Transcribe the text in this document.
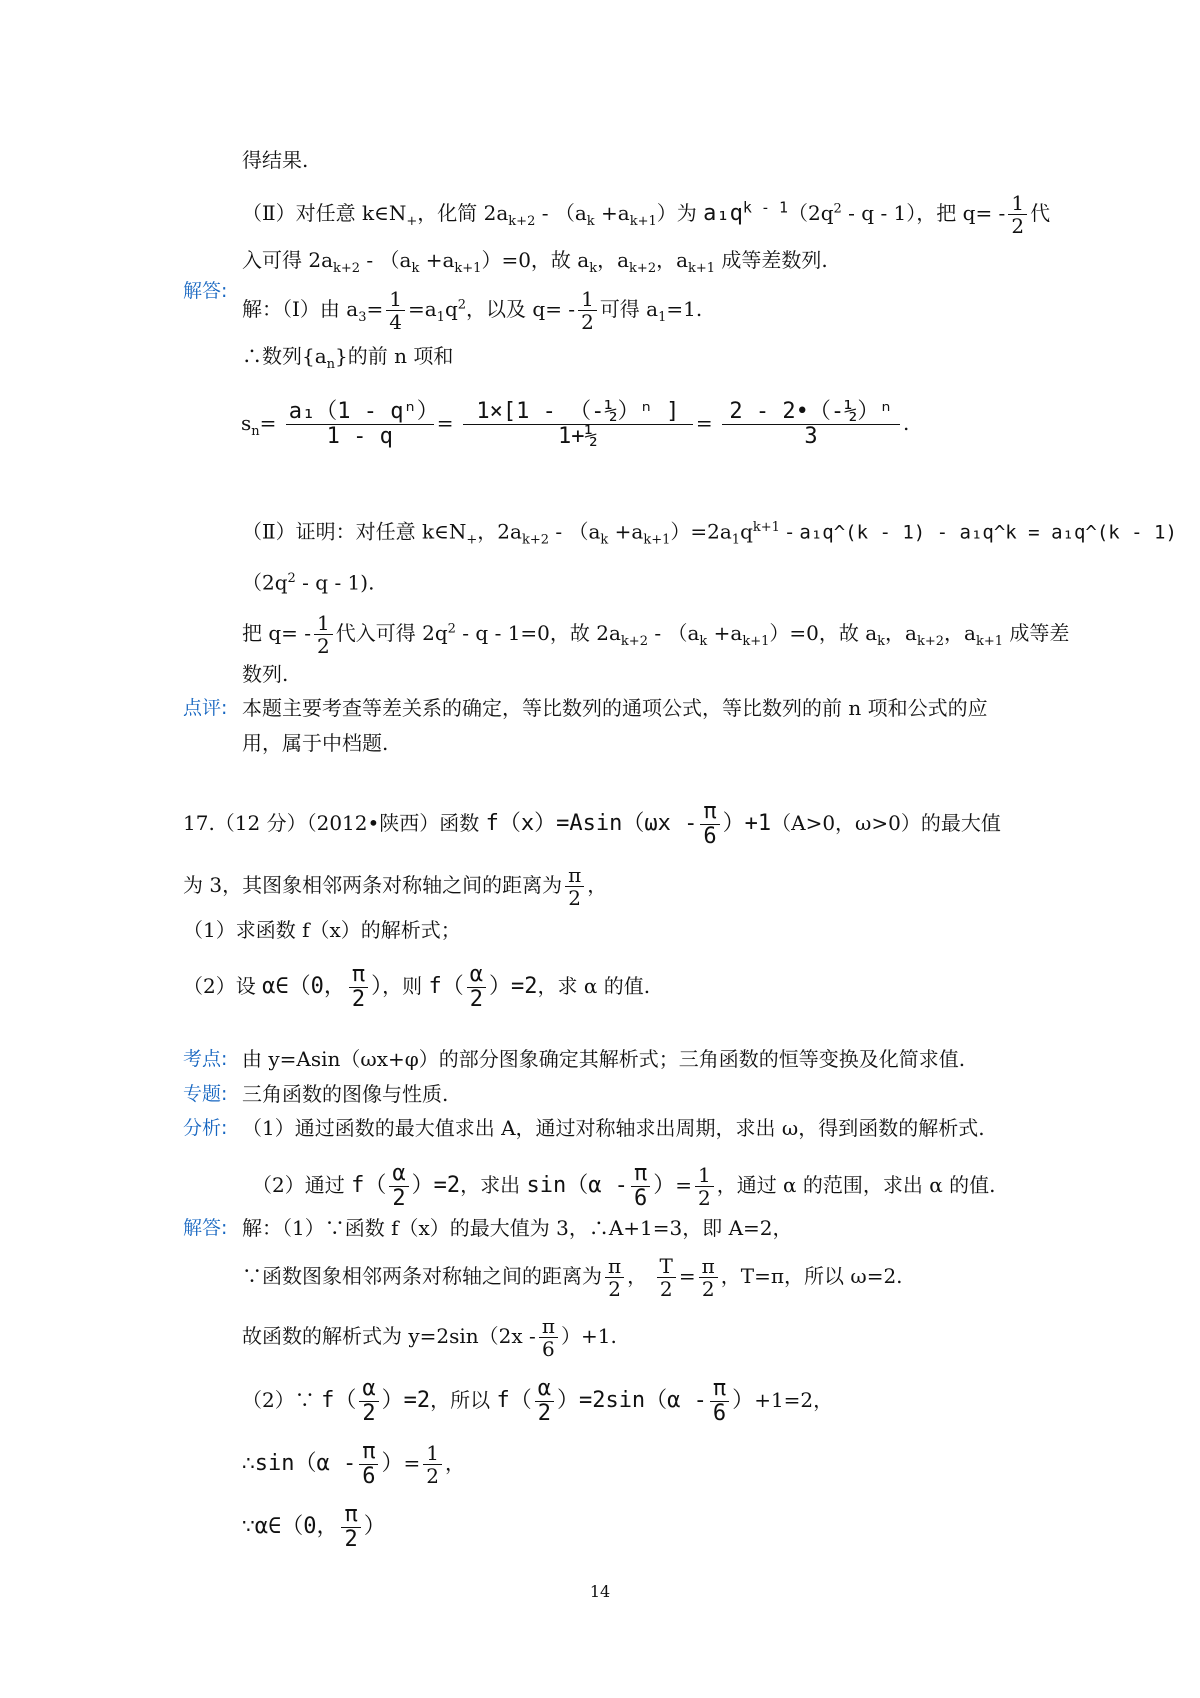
得结果.
（Ⅱ）对任意 $k\in N_+$，化简 $2a_{k+2} - (a_k +a_{k+1})$为 $a_1q^{k - 1}(2q^2$ - q - 1），把 $q= - \frac{1}{2}$ 代
入可得 $2a_{k+2} - (a_k +a_{k+1})=0$，故 $a_k$，$a_{k+2}$，$a_{k+1}$ 成等差数列.
解答:
解：（Ⅰ）由 $a_3= \frac{1}{4} =a_1q^2$，以及 $q= - \frac{1}{2}$ 可得 $a_1=1$.
∴数列$\{a_n\}$的前 n 项和
$s_n= \frac{\text{a₁（1 - qⁿ）}}{1 - q} = \frac{\text{1×[1 - （-½）ⁿ ]}}{\text{1+½}} = \frac{\text{2 - 2•（-½）ⁿ}}{3}$ .
（Ⅱ）证明：对任意 $k\in N_+$，$2a_{k+2} - (a_k +a_{k+1})=2a_1q^{k+1}$ - a₁q^(k - 1) - a₁q^k = a₁q^(k - 1)
（$2q^2$ - q - 1).
把 $q= - \frac{1}{2}$ 代入可得 $2q^2 - q - 1=0$，故 $2a_{k+2} - (a_k +a_{k+1})=0$，故 $a_k$，$a_{k+2}$，$a_{k+1}$ 成等差
数列.
点评: 本题主要考查等差关系的确定，等比数列的通项公式，等比数列的前 n 项和公式的应
用，属于中档题.
17.（12 分）（2012•陕西）函数 $f(x)=Asin(\omega x - \frac{\pi}{6} )+1(A>0$，ω>0）的最大值
为 3，其图象相邻两条对称轴之间的距离为 $\frac{\pi}{2}$ ，
（1）求函数 f（x）的解析式；
（2）设 α∈（0， $\frac{\pi}{2}$ ），则 $f( \frac{\alpha}{2} )=2$，求 α 的值.
考点: 由 y=Asin（ωx+φ）的部分图象确定其解析式；三角函数的恒等变换及化简求值.
专题: 三角函数的图像与性质.
分析: （1）通过函数的最大值求出 A，通过对称轴求出周期，求出 ω，得到函数的解析式.
（2）通过 $f( \frac{\alpha}{2} )=2$，求出 $\sin(\alpha - \frac{\pi}{6}$ ）= $\frac{1}{2}$ ，通过 α 的范围，求出 α 的值.
解答: 解：（1）∵函数 f（x）的最大值为 3，∴A+1=3，即 A=2，
∵函数图象相邻两条对称轴之间的距离为 $\frac{\pi}{2}$ ， $\frac{T}{2} = \frac{\pi}{2}$ ，T=π，所以 ω=2.
故函数的解析式为 $y=2\sin(2x - \frac{\pi}{6} )+1$.
（2）∵ $f( \frac{\alpha}{2} )=2$，所以 $f( \frac{\alpha}{2} )=2\sin(\alpha - \frac{\pi}{6} )+1=2$，
∴sin（α - $\frac{\pi}{6}$ ）= $\frac{1}{2}$ ，
∵α∈（0， $\frac{\pi}{2}$ ）
14
